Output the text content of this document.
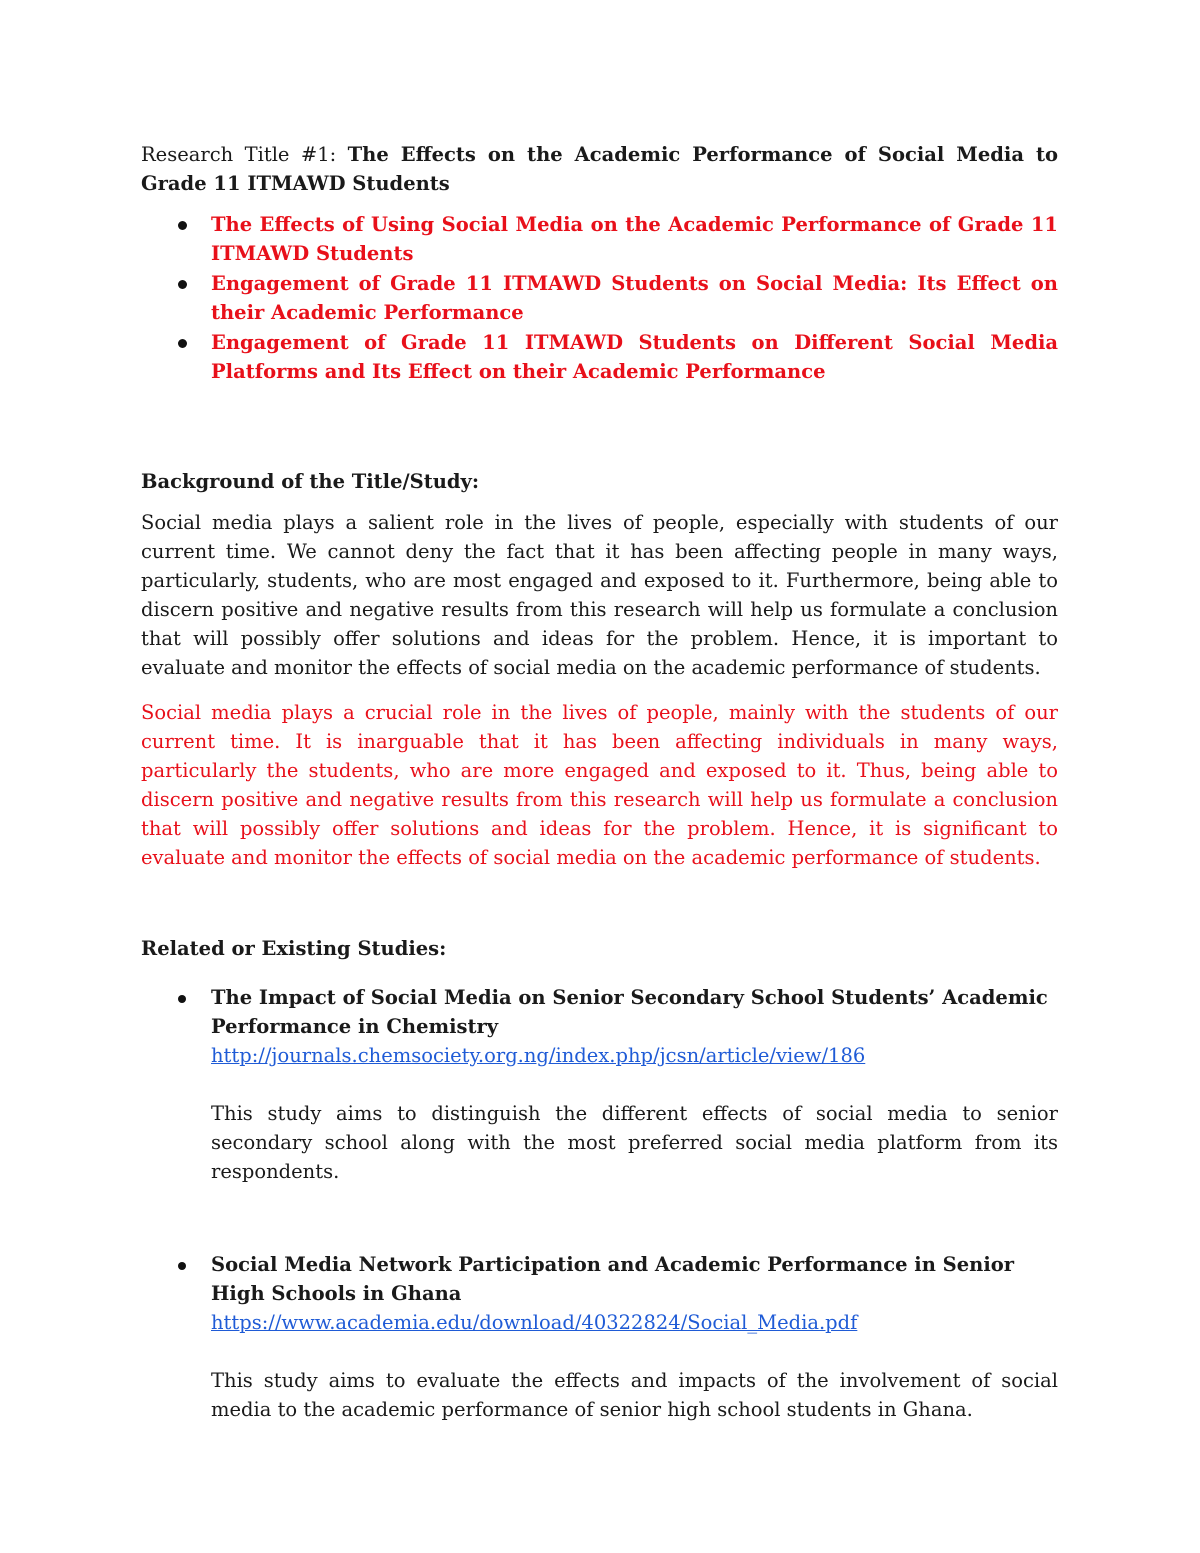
Research Title #1: The Effects on the Academic Performance of Social Media to Grade 11 ITMAWD Students

The Effects of Using Social Media on the Academic Performance of Grade 11 ITMAWD Students
Engagement of Grade 11 ITMAWD Students on Social Media: Its Effect on their Academic Performance
Engagement of Grade 11 ITMAWD Students on Different Social Media Platforms and Its Effect on their Academic Performance

Background of the Title/Study:

Social media plays a salient role in the lives of people, especially with students of our current time. We cannot deny the fact that it has been affecting people in many ways, particularly, students, who are most engaged and exposed to it. Furthermore, being able to discern positive and negative results from this research will help us formulate a conclusion that will possibly offer solutions and ideas for the problem. Hence, it is important to evaluate and monitor the effects of social media on the academic performance of students.

Social media plays a crucial role in the lives of people, mainly with the students of our current time. It is inarguable that it has been affecting individuals in many ways, particularly the students, who are more engaged and exposed to it. Thus, being able to discern positive and negative results from this research will help us formulate a conclusion that will possibly offer solutions and ideas for the problem. Hence, it is significant to evaluate and monitor the effects of social media on the academic performance of students.

Related or Existing Studies:

The Impact of Social Media on Senior Secondary School Students’ Academic Performance in Chemistry
http://journals.chemsociety.org.ng/index.php/jcsn/article/view/186

This study aims to distinguish the different effects of social media to senior secondary school along with the most preferred social media platform from its respondents.

Social Media Network Participation and Academic Performance in Senior High Schools in Ghana  https://www.academia.edu/download/40322824/Social_Media.pdf

This study aims to evaluate the effects and impacts of the involvement of social media to the academic performance of senior high school students in Ghana.
